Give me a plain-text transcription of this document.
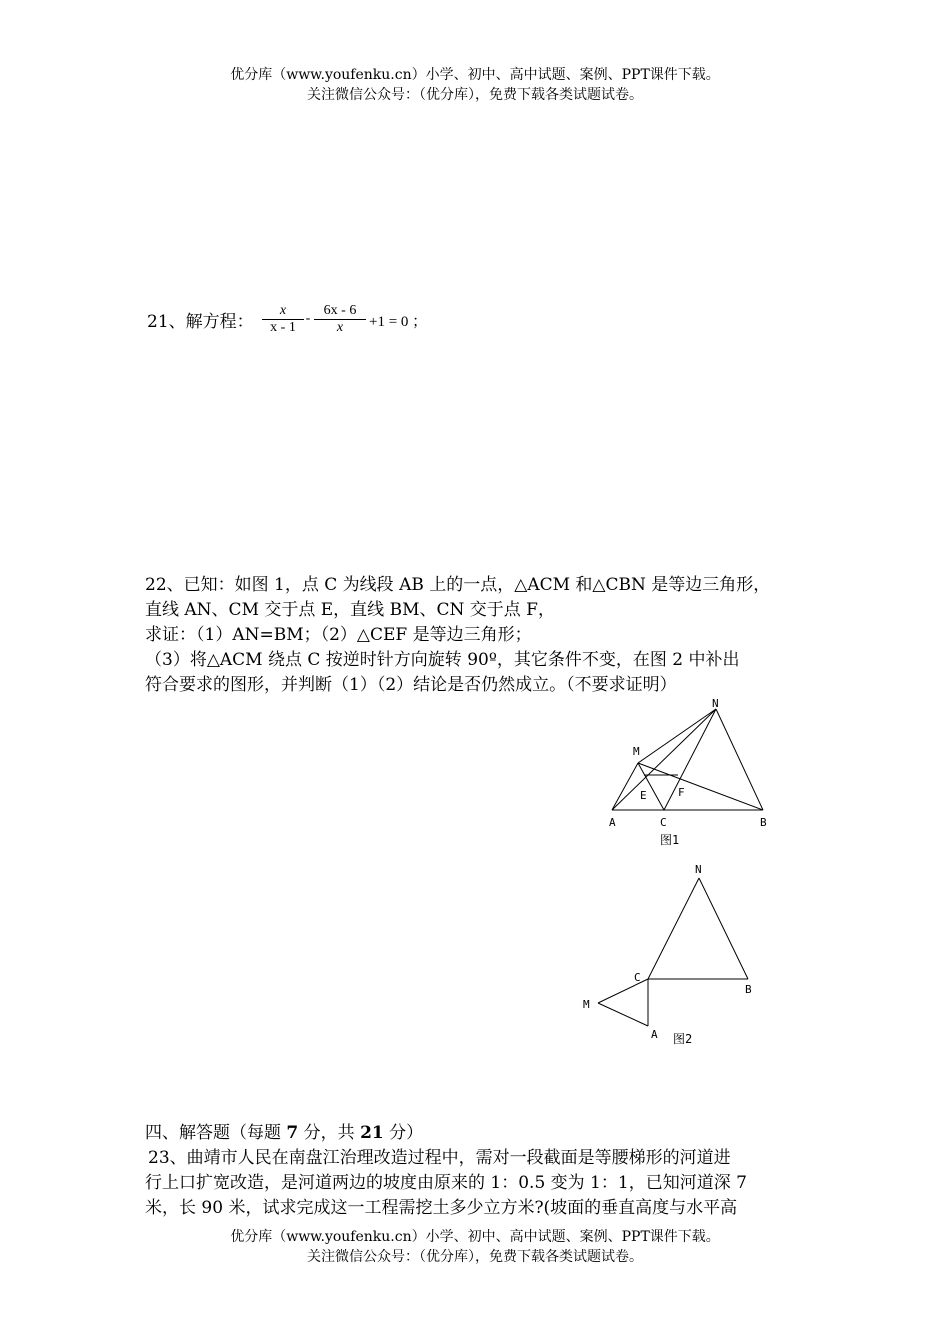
优分库（www.youfenku.cn）小学、初中、高中试题、案例、PPT课件下载。
关注微信公众号：（优分库），免费下载各类试题试卷。
21、解方程： $\frac{x}{x - 1} - \frac{6x - 6}{x} +1 = 0$ ；
22、已知：如图 1，点 C 为线段 AB 上的一点，△ACM 和△CBN 是等边三角形，
直线 AN、CM 交于点 E，直线 BM、CN 交于点 F，
求证：（1）AN=BM；（2）△CEF 是等边三角形；
（3）将△ACM 绕点 C 按逆时针方向旋转 90º，其它条件不变，在图 2 中补出
符合要求的图形，并判断（1）（2）结论是否仍然成立。（不要求证明）
N
M
E	F
A	C	B
图1
N
C
B
M
A 图2
四、解答题（每题 7 分，共 21 分）
23、曲靖市人民在南盘江治理改造过程中，需对一段截面是等腰梯形的河道进
行上口扩宽改造，是河道两边的坡度由原来的 1：0.5 变为 1：1，已知河道深 7
米，长 90 米，试求完成这一工程需挖土多少立方米?(坡面的垂直高度与水平高
优分库（www.youfenku.cn）小学、初中、高中试题、案例、PPT课件下载。
关注微信公众号：（优分库），免费下载各类试题试卷。
